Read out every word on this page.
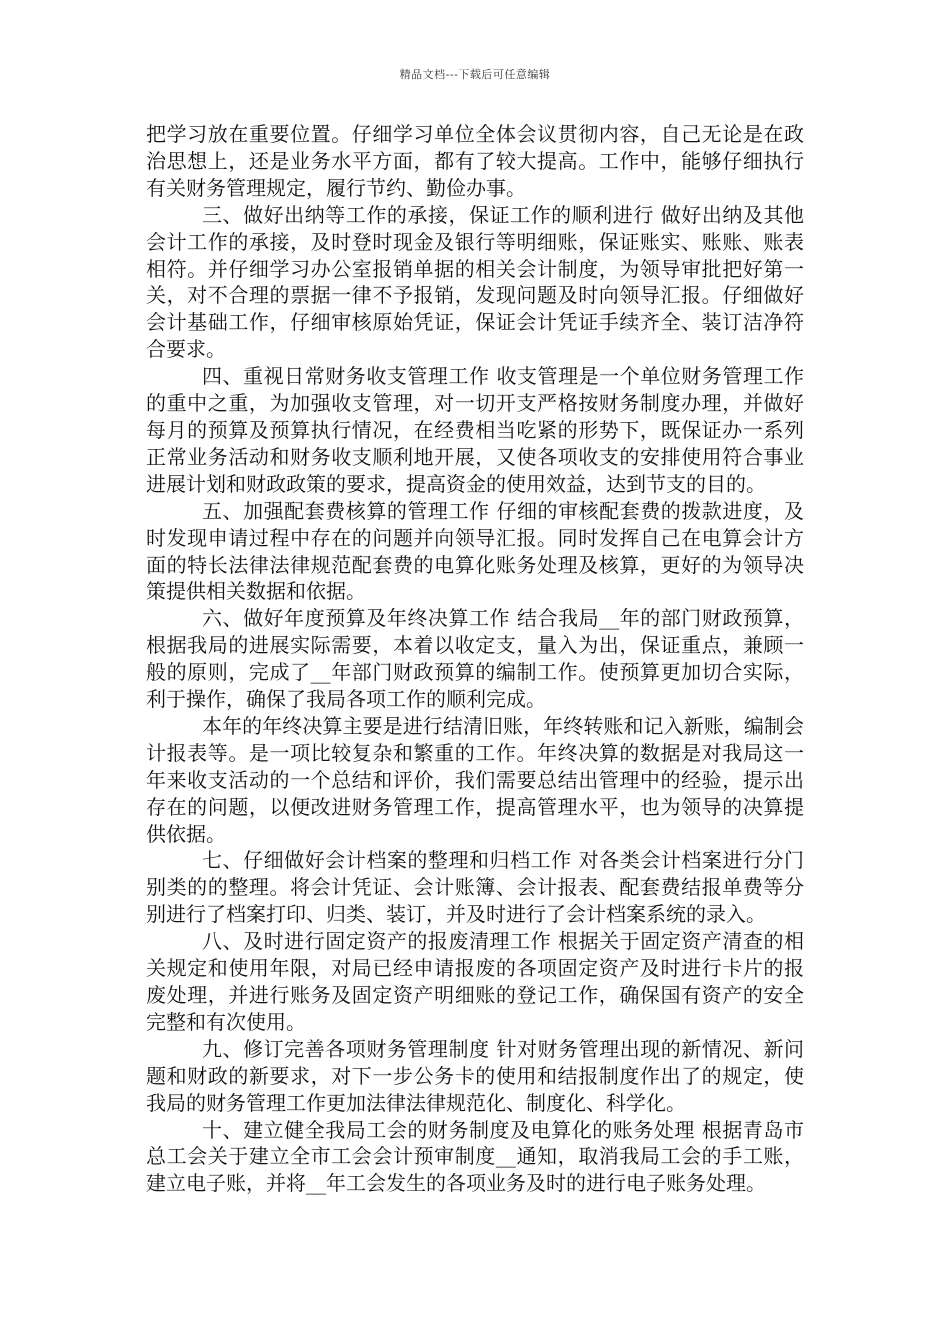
精品文档---下载后可任意编辑

把学习放在重要位置。仔细学习单位全体会议贯彻内容，自己无论是在政治思想上，还是业务水平方面，都有了较大提高。工作中，能够仔细执行有关财务管理规定，履行节约、勤俭办事。

三、做好出纳等工作的承接，保证工作的顺利进行 做好出纳及其他会计工作的承接，及时登时现金及银行等明细账，保证账实、账账、账表相符。并仔细学习办公室报销单据的相关会计制度，为领导审批把好第一关，对不合理的票据一律不予报销，发现问题及时向领导汇报。仔细做好会计基础工作，仔细审核原始凭证，保证会计凭证手续齐全、装订洁净符合要求。

四、重视日常财务收支管理工作 收支管理是一个单位财务管理工作的重中之重，为加强收支管理，对一切开支严格按财务制度办理，并做好每月的预算及预算执行情况，在经费相当吃紧的形势下，既保证办一系列正常业务活动和财务收支顺利地开展，又使各项收支的安排使用符合事业进展计划和财政政策的要求，提高资金的使用效益，达到节支的目的。

五、加强配套费核算的管理工作 仔细的审核配套费的拨款进度，及时发现申请过程中存在的问题并向领导汇报。同时发挥自己在电算会计方面的特长法律法律规范配套费的电算化账务处理及核算，更好的为领导决策提供相关数据和依据。

六、做好年度预算及年终决算工作 结合我局__年的部门财政预算，根据我局的进展实际需要，本着以收定支，量入为出，保证重点，兼顾一般的原则，完成了__年部门财政预算的编制工作。使预算更加切合实际，利于操作，确保了我局各项工作的顺利完成。

本年的年终决算主要是进行结清旧账，年终转账和记入新账，编制会计报表等。是一项比较复杂和繁重的工作。年终决算的数据是对我局这一年来收支活动的一个总结和评价，我们需要总结出管理中的经验，提示出存在的问题，以便改进财务管理工作，提高管理水平，也为领导的决算提供依据。

七、仔细做好会计档案的整理和归档工作 对各类会计档案进行分门别类的的整理。将会计凭证、会计账簿、会计报表、配套费结报单费等分别进行了档案打印、归类、装订，并及时进行了会计档案系统的录入。

八、及时进行固定资产的报废清理工作 根据关于固定资产清查的相关规定和使用年限，对局已经申请报废的各项固定资产及时进行卡片的报废处理，并进行账务及固定资产明细账的登记工作，确保国有资产的安全完整和有次使用。

九、修订完善各项财务管理制度 针对财务管理出现的新情况、新问题和财政的新要求，对下一步公务卡的使用和结报制度作出了的规定，使我局的财务管理工作更加法律法律规范化、制度化、科学化。

十、建立健全我局工会的财务制度及电算化的账务处理 根据青岛市总工会关于建立全市工会会计预审制度__通知，取消我局工会的手工账，建立电子账，并将__年工会发生的各项业务及时的进行电子账务处理。
